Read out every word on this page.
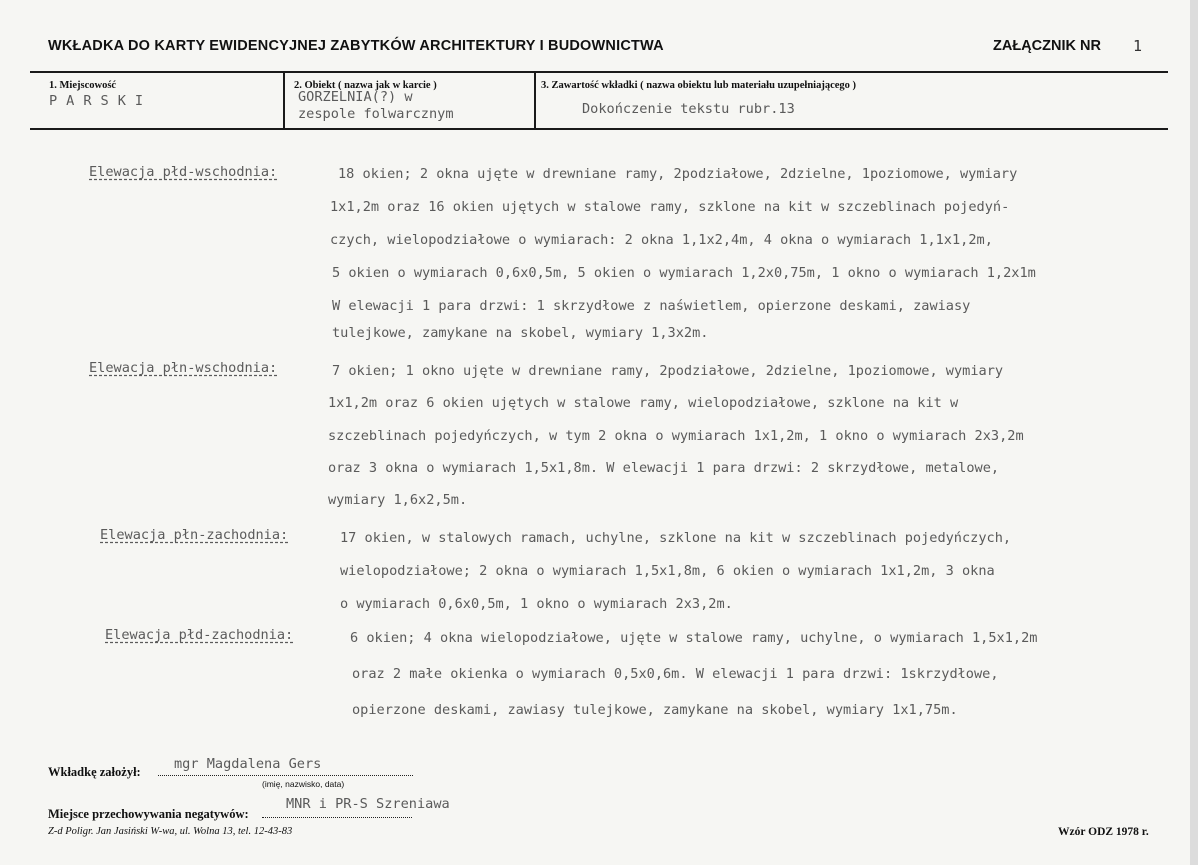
WKŁADKA DO KARTY EWIDENCYJNEJ ZABYTKÓW ARCHITEKTURY I BUDOWNICTWA	ZAŁĄCZNIK NR 1
1. Miejscowość
PARSKI
2. Obiekt ( nazwa jak w karcie )
GORZELNIA(?) w
zespole folwarcznym
3. Zawartość wkładki ( nazwa obiektu lub materiału uzupełniającego )
Dokończenie tekstu rubr.13
Elewacja płd-wschodnia:	18 okien; 2 okna ujęte w drewniane ramy, 2podziałowe, 2dzielne, 1poziomowe, wymiary
1x1,2m oraz 16 okien ujętych w stalowe ramy, szklone na kit w szczeblinach pojedyń-
czych, wielopodziałowe o wymiarach: 2 okna 1,1x2,4m, 4 okna o wymiarach 1,1x1,2m,
5 okien o wymiarach 0,6x0,5m, 5 okien o wymiarach 1,2x0,75m, 1 okno o wymiarach 1,2x1m
W elewacji 1 para drzwi: 1 skrzydłowe z naświetlem, opierzone deskami, zawiasy
tulejkowe, zamykane na skobel, wymiary 1,3x2m.
Elewacja płn-wschodnia:	7 okien; 1 okno ujęte w drewniane ramy, 2podziałowe, 2dzielne, 1poziomowe, wymiary
1x1,2m oraz 6 okien ujętych w stalowe ramy, wielopodziałowe, szklone na kit w
szczeblinach pojedyńczych, w tym 2 okna o wymiarach 1x1,2m, 1 okno o wymiarach 2x3,2m
oraz 3 okna o wymiarach 1,5x1,8m. W elewacji 1 para drzwi: 2 skrzydłowe, metalowe,
wymiary 1,6x2,5m.
Elewacja płn-zachodnia:	17 okien, w stalowych ramach, uchylne, szklone na kit w szczeblinach pojedyńczych,
wielopodziałowe; 2 okna o wymiarach 1,5x1,8m, 6 okien o wymiarach 1x1,2m, 3 okna
o wymiarach 0,6x0,5m, 1 okno o wymiarach 2x3,2m.
Elewacja płd-zachodnia:	6 okien; 4 okna wielopodziałowe, ujęte w stalowe ramy, uchylne, o wymiarach 1,5x1,2m
oraz 2 małe okienka o wymiarach 0,5x0,6m. W elewacji 1 para drzwi: 1skrzydłowe,
opierzone deskami, zawiasy tulejkowe, zamykane na skobel, wymiary 1x1,75m.
Wkładkę założył: mgr Magdalena Gers
(imię, nazwisko, data)
Miejsce przechowywania negatywów:
MNR i PR-S Szreniawa
Z-d Poligr. Jan Jasiński W-wa, ul. Wolna 13, tel. 12-43-83	Wzór ODZ 1978 r.
